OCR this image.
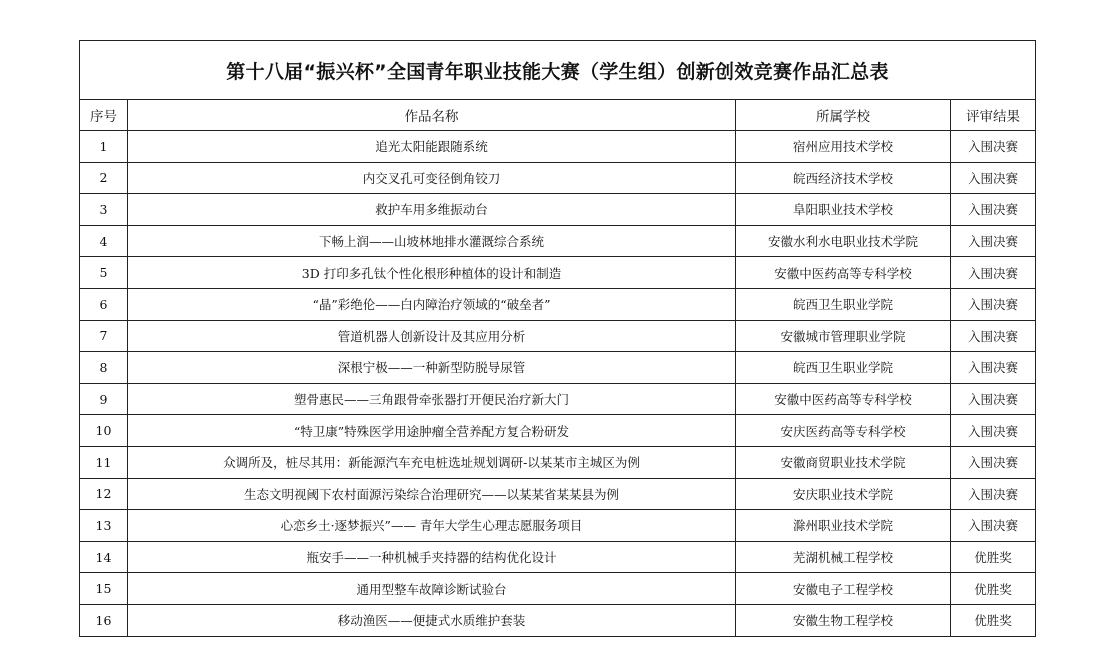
第十八届“振兴杯”全国青年职业技能大赛（学生组）创新创效竞赛作品汇总表			
序号	作品名称	所属学校	评审结果
1	追光太阳能跟随系统	宿州应用技术学校	入围决赛
2	内交叉孔可变径倒角铰刀	皖西经济技术学校	入围决赛
3	救护车用多维振动台	阜阳职业技术学校	入围决赛
4	下畅上润——山坡林地排水灌溉综合系统	安徽水利水电职业技术学院	入围决赛
5	3D 打印多孔钛个性化根形种植体的设计和制造	安徽中医药高等专科学校	入围决赛
6	“晶”彩绝伦——白内障治疗领域的“破垒者”	皖西卫生职业学院	入围决赛
7	管道机器人创新设计及其应用分析	安徽城市管理职业学院	入围决赛
8	深根宁极——一种新型防脱导尿管	皖西卫生职业学院	入围决赛
9	塑骨惠民——三角跟骨牵张器打开便民治疗新大门	安徽中医药高等专科学校	入围决赛
10	“特卫康”特殊医学用途肿瘤全营养配方复合粉研发	安庆医药高等专科学校	入围决赛
11	众调所及，桩尽其用：新能源汽车充电桩选址规划调研-以某某市主城区为例	安徽商贸职业技术学院	入围决赛
12	生态文明视阈下农村面源污染综合治理研究——以某某省某某县为例	安庆职业技术学院	入围决赛
13	心恋乡土·逐梦振兴”—— 青年大学生心理志愿服务项目	滁州职业技术学院	入围决赛
14	瓶安手——一种机械手夹持器的结构优化设计	芜湖机械工程学校	优胜奖
15	通用型整车故障诊断试验台	安徽电子工程学校	优胜奖
16	移动渔医——便捷式水质维护套装	安徽生物工程学校	优胜奖
